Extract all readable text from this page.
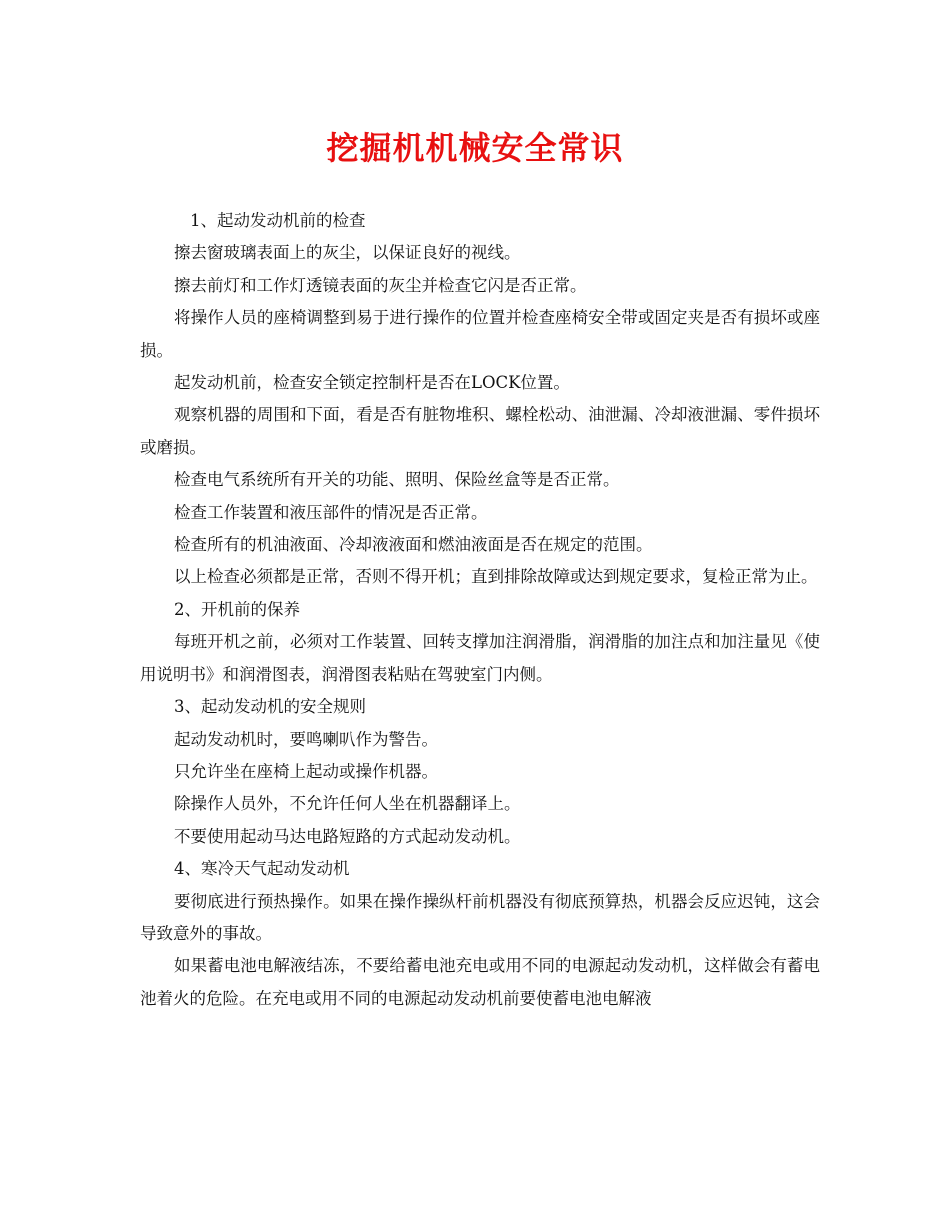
挖掘机机械安全常识

1、起动发动机前的检查

擦去窗玻璃表面上的灰尘，以保证良好的视线。

擦去前灯和工作灯透镜表面的灰尘并检查它闪是否正常。

将操作人员的座椅调整到易于进行操作的位置并检查座椅安全带或固定夹是否有损坏或座损。

起发动机前，检查安全锁定控制杆是否在LOCK位置。

观察机器的周围和下面，看是否有脏物堆积、螺栓松动、油泄漏、冷却液泄漏、零件损坏或磨损。

检查电气系统所有开关的功能、照明、保险丝盒等是否正常。

检查工作装置和液压部件的情况是否正常。

检查所有的机油液面、冷却液液面和燃油液面是否在规定的范围。

以上检查必须都是正常，否则不得开机；直到排除故障或达到规定要求，复检正常为止。

2、开机前的保养

每班开机之前，必须对工作装置、回转支撑加注润滑脂，润滑脂的加注点和加注量见《使用说明书》和润滑图表，润滑图表粘贴在驾驶室门内侧。

3、起动发动机的安全规则

起动发动机时，要鸣喇叭作为警告。

只允许坐在座椅上起动或操作机器。

除操作人员外，不允许任何人坐在机器翻译上。

不要使用起动马达电路短路的方式起动发动机。

4、寒冷天气起动发动机

要彻底进行预热操作。如果在操作操纵杆前机器没有彻底预算热，机器会反应迟钝，这会导致意外的事故。

如果蓄电池电解液结冻，不要给蓄电池充电或用不同的电源起动发动机，这样做会有蓄电池着火的危险。在充电或用不同的电源起动发动机前要使蓄电池电解液
